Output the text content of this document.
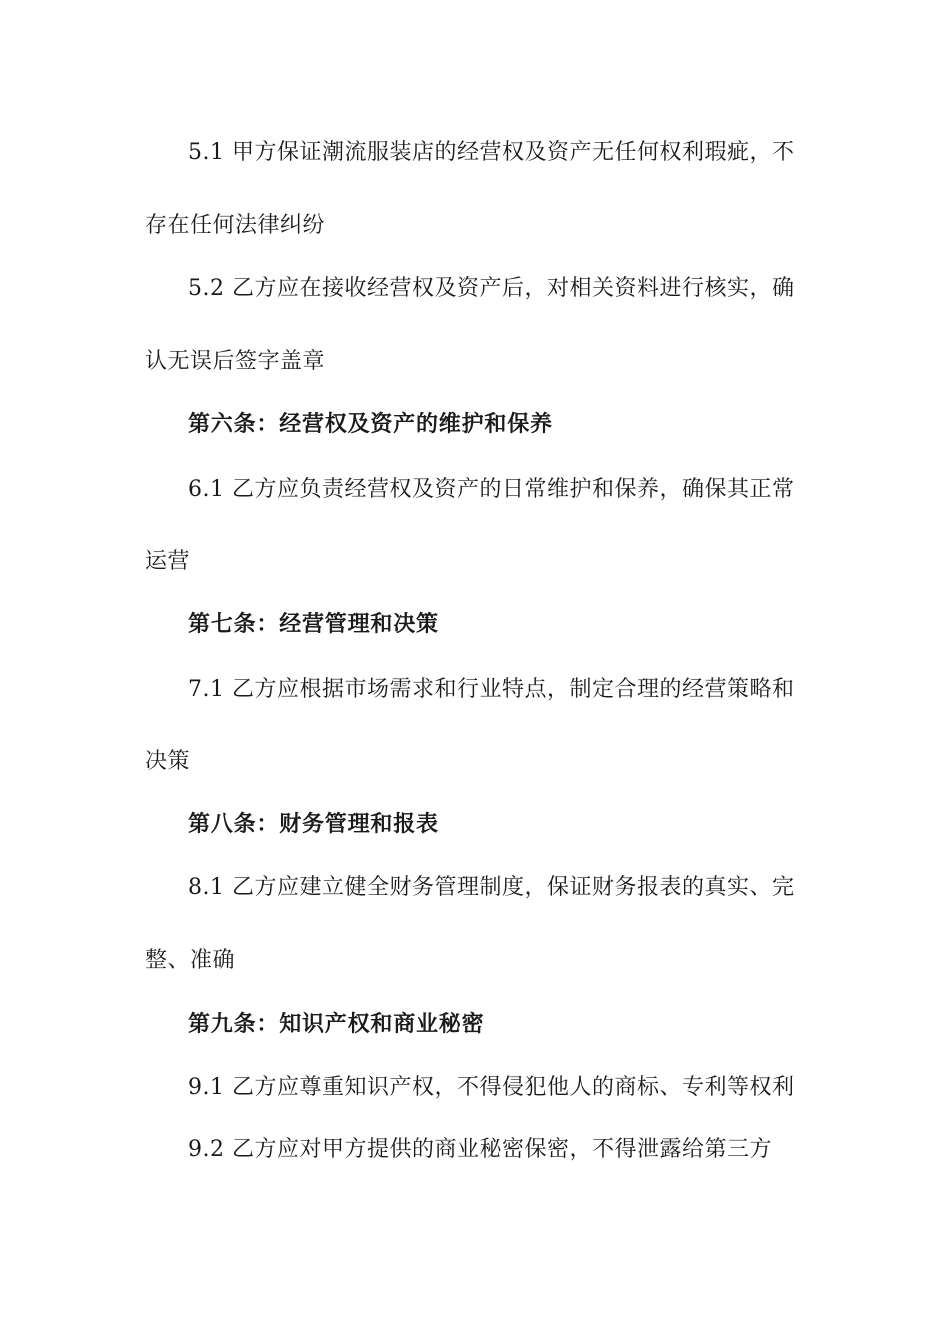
5.1 甲方保证潮流服装店的经营权及资产无任何权利瑕疵，不
存在任何法律纠纷
5.2 乙方应在接收经营权及资产后，对相关资料进行核实，确
认无误后签字盖章
第六条：经营权及资产的维护和保养
6.1 乙方应负责经营权及资产的日常维护和保养，确保其正常
运营
第七条：经营管理和决策
7.1 乙方应根据市场需求和行业特点，制定合理的经营策略和
决策
第八条：财务管理和报表
8.1 乙方应建立健全财务管理制度，保证财务报表的真实、完
整、准确
第九条：知识产权和商业秘密
9.1 乙方应尊重知识产权，不得侵犯他人的商标、专利等权利
9.2 乙方应对甲方提供的商业秘密保密，不得泄露给第三方
